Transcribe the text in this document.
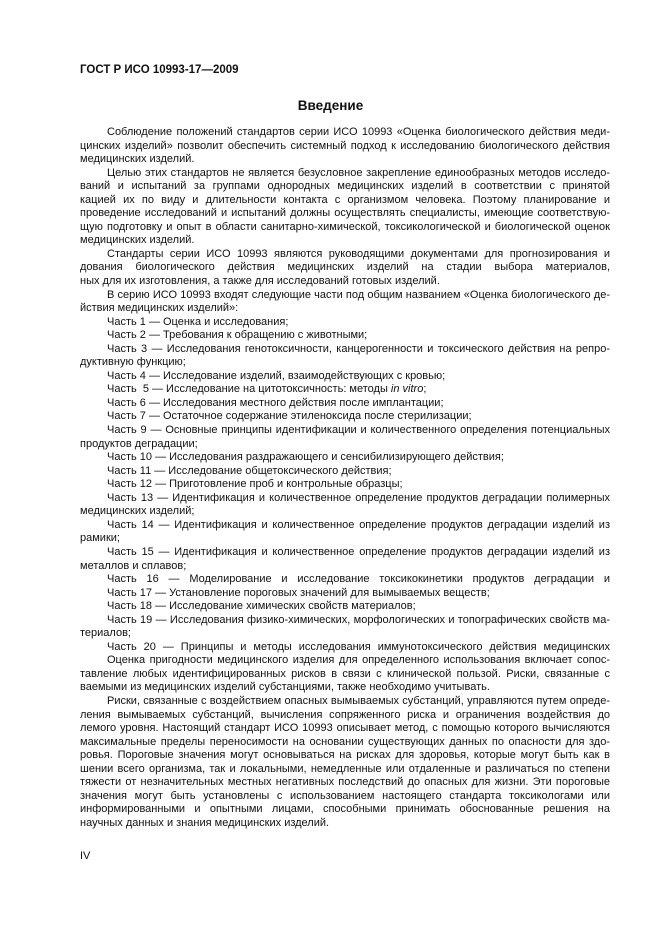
ГОСТ Р ИСО 10993-17—2009
Введение
Соблюдение положений стандартов серии ИСО 10993 «Оценка биологического действия меди-
цинских изделий» позволит обеспечить системный подход к исследованию биологического действия
медицинских изделий.
Целью этих стандартов не является безусловное закрепление единообразных методов исследо-
ваний и испытаний за группами однородных медицинских изделий в соответствии с принятой
кацией их по виду и длительности контакта с организмом человека. Поэтому планирование и
проведение исследований и испытаний должны осуществлять специалисты, имеющие соответствую-
щую подготовку и опыт в области санитарно-химической, токсикологической и биологической оценок
медицинских изделий.
Стандарты серии ИСО 10993 являются руководящими документами для прогнозирования и
дования биологического действия медицинских изделий на стадии выбора материалов,
ных для их изготовления, а также для исследований готовых изделий.
В серию ИСО 10993 входят следующие части под общим названием «Оценка биологического де-
йствия медицинских изделий»:
Часть 1 — Оценка и исследования;
Часть 2 — Требования к обращению с животными;
Часть 3 — Исследования генотоксичности, канцерогенности и токсического действия на репро-
дуктивную функцию;
Часть 4 — Исследование изделий, взаимодействующих с кровью;
Часть  5 — Исследование на цитотоксичность: методы in vitro;
Часть 6 — Исследования местного действия после имплантации;
Часть 7 — Остаточное содержание этиленоксида после стерилизации;
Часть 9 — Основные принципы идентификации и количественного определения потенциальных
продуктов деградации;
Часть 10 — Исследования раздражающего и сенсибилизирующего действия;
Часть 11 — Исследование общетоксического действия;
Часть 12 — Приготовление проб и контрольные образцы;
Часть 13 — Идентификация и количественное определение продуктов деградации полимерных
медицинских изделий;
Часть 14 — Идентификация и количественное определение продуктов деградации изделий из
рамики;
Часть 15 — Идентификация и количественное определение продуктов деградации изделий из
металлов и сплавов;
Часть 16 — Моделирование и исследование токсикокинетики продуктов деградации и
Часть 17 — Установление пороговых значений для вымываемых веществ;
Часть 18 — Исследование химических свойств материалов;
Часть 19 — Исследования физико-химических, морфологических и топографических свойств ма-
териалов;
Часть 20 — Принципы и методы исследования иммунотоксического действия медицинских
Оценка пригодности медицинского изделия для определенного использования включает сопос-
тавление любых идентифицированных рисков в связи с клинической пользой. Риски, связанные с
ваемыми из медицинских изделий субстанциями, также необходимо учитывать.
Риски, связанные с воздействием опасных вымываемых субстанций, управляются путем опреде-
ления вымываемых субстанций, вычисления сопряженного риска и ограничения воздействия до
лемого уровня. Настоящий стандарт ИСО 10993 описывает метод, с помощью которого вычисляются
максимальные пределы переносимости на основании существующих данных по опасности для здо-
ровья. Пороговые значения могут основываться на рисках для здоровья, которые могут быть как в
шении всего организма, так и локальными, немедленные или отдаленные и различаться по степени
тяжести от незначительных местных негативных последствий до опасных для жизни. Эти пороговые
значения могут быть установлены с использованием настоящего стандарта токсикологами или
информированными и опытными лицами, способными принимать обоснованные решения на
научных данных и знания медицинских изделий.
IV
